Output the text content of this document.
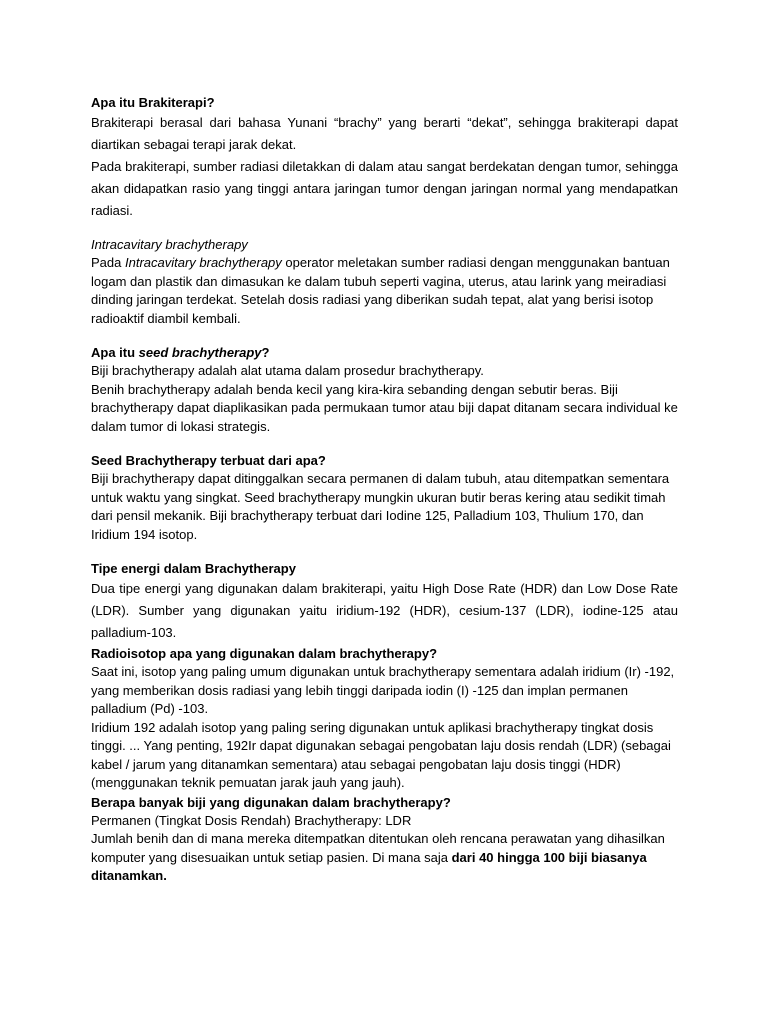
Apa itu Brakiterapi?

Brakiterapi berasal dari bahasa Yunani “brachy” yang berarti “dekat”, sehingga brakiterapi dapat diartikan sebagai terapi jarak dekat.

Pada brakiterapi, sumber radiasi diletakkan di dalam atau sangat berdekatan dengan tumor, sehingga akan didapatkan rasio yang tinggi antara jaringan tumor dengan jaringan normal yang mendapatkan radiasi.

Intracavitary brachytherapy

Pada Intracavitary brachytherapy operator meletakan sumber radiasi dengan menggunakan bantuan logam dan plastik dan dimasukan ke dalam tubuh seperti vagina, uterus, atau larink yang meiradiasi dinding jaringan terdekat. Setelah dosis radiasi yang diberikan sudah tepat, alat yang berisi isotop radioaktif diambil kembali.

Apa itu seed brachytherapy?

Biji brachytherapy adalah alat utama dalam prosedur brachytherapy.

Benih brachytherapy adalah benda kecil yang kira-kira sebanding dengan sebutir beras. Biji brachytherapy dapat diaplikasikan pada permukaan tumor atau biji dapat ditanam secara individual ke dalam tumor di lokasi strategis.

Seed Brachytherapy terbuat dari apa?

Biji brachytherapy dapat ditinggalkan secara permanen di dalam tubuh, atau ditempatkan sementara untuk waktu yang singkat. Seed brachytherapy mungkin ukuran butir beras kering atau sedikit timah dari pensil mekanik. Biji brachytherapy terbuat dari Iodine 125, Palladium 103, Thulium 170, dan Iridium 194 isotop.

Tipe energi dalam Brachytherapy

Dua tipe energi yang digunakan dalam brakiterapi, yaitu High Dose Rate (HDR) dan Low Dose Rate (LDR). Sumber yang digunakan yaitu iridium-192 (HDR), cesium-137 (LDR), iodine-125 atau palladium-103.

Radioisotop apa yang digunakan dalam brachytherapy?

Saat ini, isotop yang paling umum digunakan untuk brachytherapy sementara adalah iridium (Ir) -192, yang memberikan dosis radiasi yang lebih tinggi daripada iodin (I) -125 dan implan permanen palladium (Pd) -103.

Iridium 192 adalah isotop yang paling sering digunakan untuk aplikasi brachytherapy tingkat dosis tinggi. ... Yang penting, 192Ir dapat digunakan sebagai pengobatan laju dosis rendah (LDR) (sebagai kabel / jarum yang ditanamkan sementara) atau sebagai pengobatan laju dosis tinggi (HDR) (menggunakan teknik pemuatan jarak jauh yang jauh).

Berapa banyak biji yang digunakan dalam brachytherapy?

Permanen (Tingkat Dosis Rendah) Brachytherapy: LDR

Jumlah benih dan di mana mereka ditempatkan ditentukan oleh rencana perawatan yang dihasilkan komputer yang disesuaikan untuk setiap pasien. Di mana saja dari 40 hingga 100 biji biasanya ditanamkan.
